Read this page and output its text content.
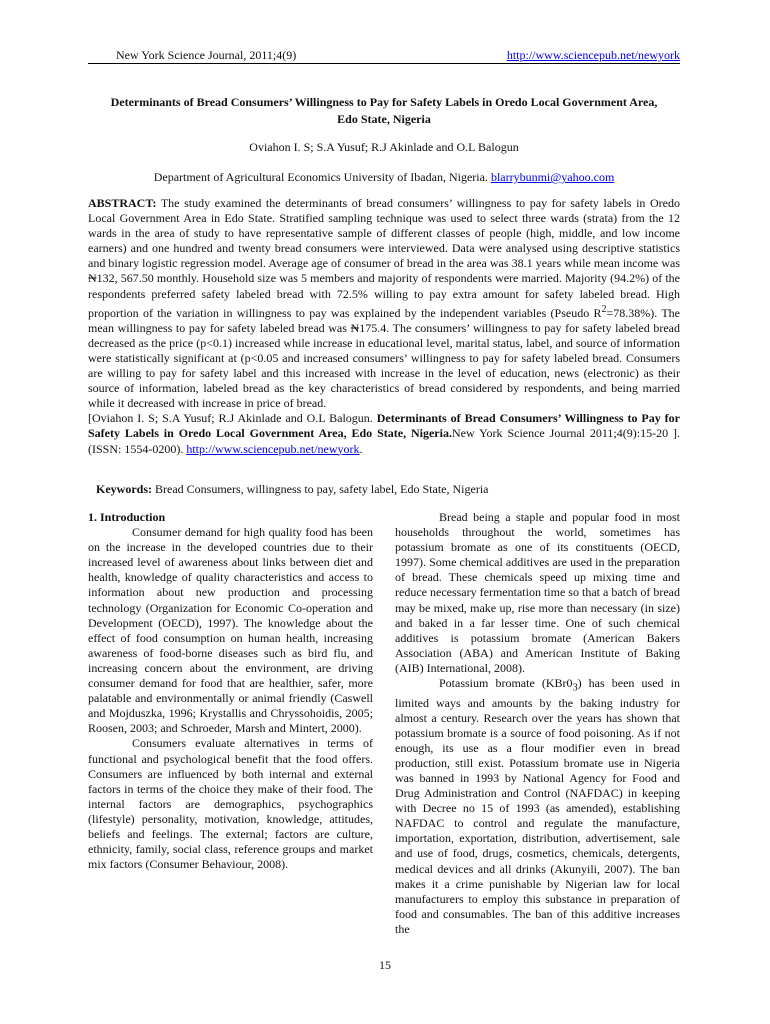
New York Science Journal, 2011;4(9)	http://www.sciencepub.net/newyork
Determinants of Bread Consumers’ Willingness to Pay for Safety Labels in Oredo Local Government Area,
Edo State, Nigeria
Oviahon I. S; S.A Yusuf; R.J Akinlade and O.L Balogun
Department of Agricultural Economics University of Ibadan, Nigeria. blarrybunmi@yahoo.com
ABSTRACT: The study examined the determinants of bread consumers’ willingness to pay for safety labels in Oredo Local Government Area in Edo State. Stratified sampling technique was used to select three wards (strata) from the 12 wards in the area of study to have representative sample of different classes of people (high, middle, and low income earners) and one hundred and twenty bread consumers were interviewed. Data were analysed using descriptive statistics and binary logistic regression model. Average age of consumer of bread in the area was 38.1 years while mean income was ₦132, 567.50 monthly. Household size was 5 members and majority of respondents were married. Majority (94.2%) of the respondents preferred safety labeled bread with 72.5% willing to pay extra amount for safety labeled bread. High proportion of the variation in willingness to pay was explained by the independent variables (Pseudo $R^2=78.38\%$). The mean willingness to pay for safety labeled bread was ₦175.4. The consumers’ willingness to pay for safety labeled bread decreased as the price (p<0.1) increased while increase in educational level, marital status, label, and source of information were statistically significant at (p<0.05 and increased consumers’ willingness to pay for safety labeled bread. Consumers are willing to pay for safety label and this increased with increase in the level of education, news (electronic) as their source of information, labeled bread as the key characteristics of bread considered by respondents, and being married while it decreased with increase in price of bread.
[Oviahon I. S; S.A Yusuf; R.J Akinlade and O.L Balogun. Determinants of Bread Consumers’ Willingness to Pay for Safety Labels in Oredo Local Government Area, Edo State, Nigeria.New York Science Journal 2011;4(9):15-20 ]. (ISSN: 1554-0200). http://www.sciencepub.net/newyork.
Keywords: Bread Consumers, willingness to pay, safety label, Edo State, Nigeria

1. Introduction

Consumer demand for high quality food has been on the increase in the developed countries due to their increased level of awareness about links between diet and health, knowledge of quality characteristics and access to information about new production and processing technology (Organization for Economic Co-operation and Development (OECD), 1997). The knowledge about the effect of food consumption on human health, increasing awareness of food-borne diseases such as bird flu, and increasing concern about the environment, are driving consumer demand for food that are healthier, safer, more palatable and environmentally or animal friendly (Caswell and Mojduszka, 1996; Krystallis and Chryssohoidis, 2005; Roosen, 2003; and Schroeder, Marsh and Mintert, 2000).

Consumers evaluate alternatives in terms of functional and psychological benefit that the food offers. Consumers are influenced by both internal and external factors in terms of the choice they make of their food. The internal factors are demographics, psychographics (lifestyle) personality, motivation, knowledge, attitudes, beliefs and feelings. The external; factors are culture, ethnicity, family, social class, reference groups and market mix factors (Consumer Behaviour, 2008).

Bread being a staple and popular food in most households throughout the world, sometimes has potassium bromate as one of its constituents (OECD, 1997). Some chemical additives are used in the preparation of bread. These chemicals speed up mixing time and reduce necessary fermentation time so that a batch of bread may be mixed, make up, rise more than necessary (in size) and baked in a far lesser time. One of such chemical additives is potassium bromate (American Bakers Association (ABA) and American Institute of Baking (AIB) International, 2008).

Potassium bromate $(KBr0_3)$ has been used in limited ways and amounts by the baking industry for almost a century. Research over the years has shown that potassium bromate is a source of food poisoning. As if not enough, its use as a flour modifier even in bread production, still exist. Potassium bromate use in Nigeria was banned in 1993 by National Agency for Food and Drug Administration and Control (NAFDAC) in keeping with Decree no 15 of 1993 (as amended), establishing NAFDAC to control and regulate the manufacture, importation, exportation, distribution, advertisement, sale and use of food, drugs, cosmetics, chemicals, detergents, medical devices and all drinks (Akunyili, 2007). The ban makes it a crime punishable by Nigerian law for local manufacturers to employ this substance in preparation of food and consumables. The ban of this additive increases the

15
